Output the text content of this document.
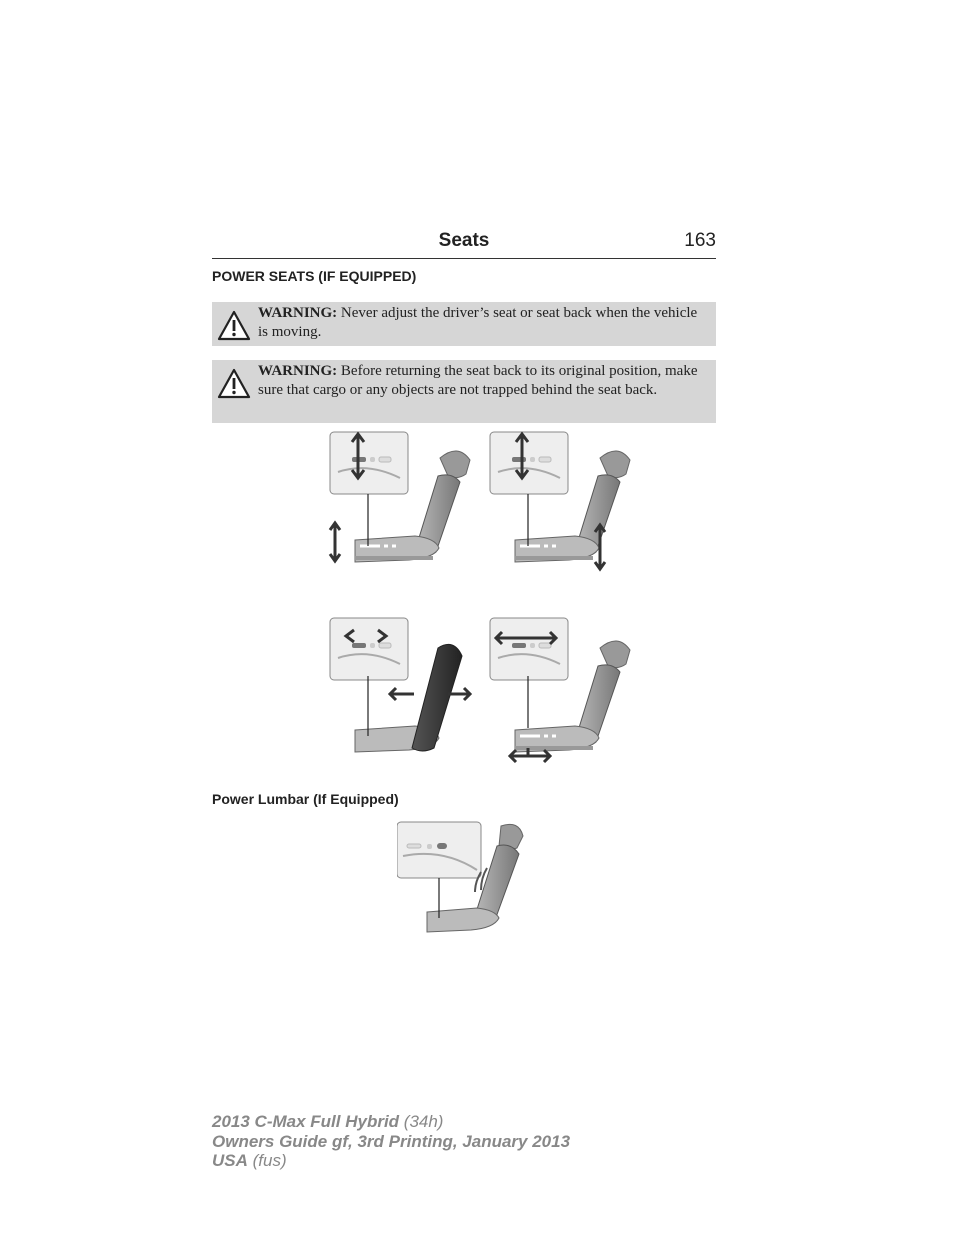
Seats	163
POWER SEATS (IF EQUIPPED)
WARNING: Never adjust the driver’s seat or seat back when the vehicle is moving.
WARNING: Before returning the seat back to its original position, make sure that cargo or any objects are not trapped behind the seat back.
Power Lumbar (If Equipped)
2013 C-Max Full Hybrid (34h)
Owners Guide gf, 3rd Printing, January 2013
USA (fus)
